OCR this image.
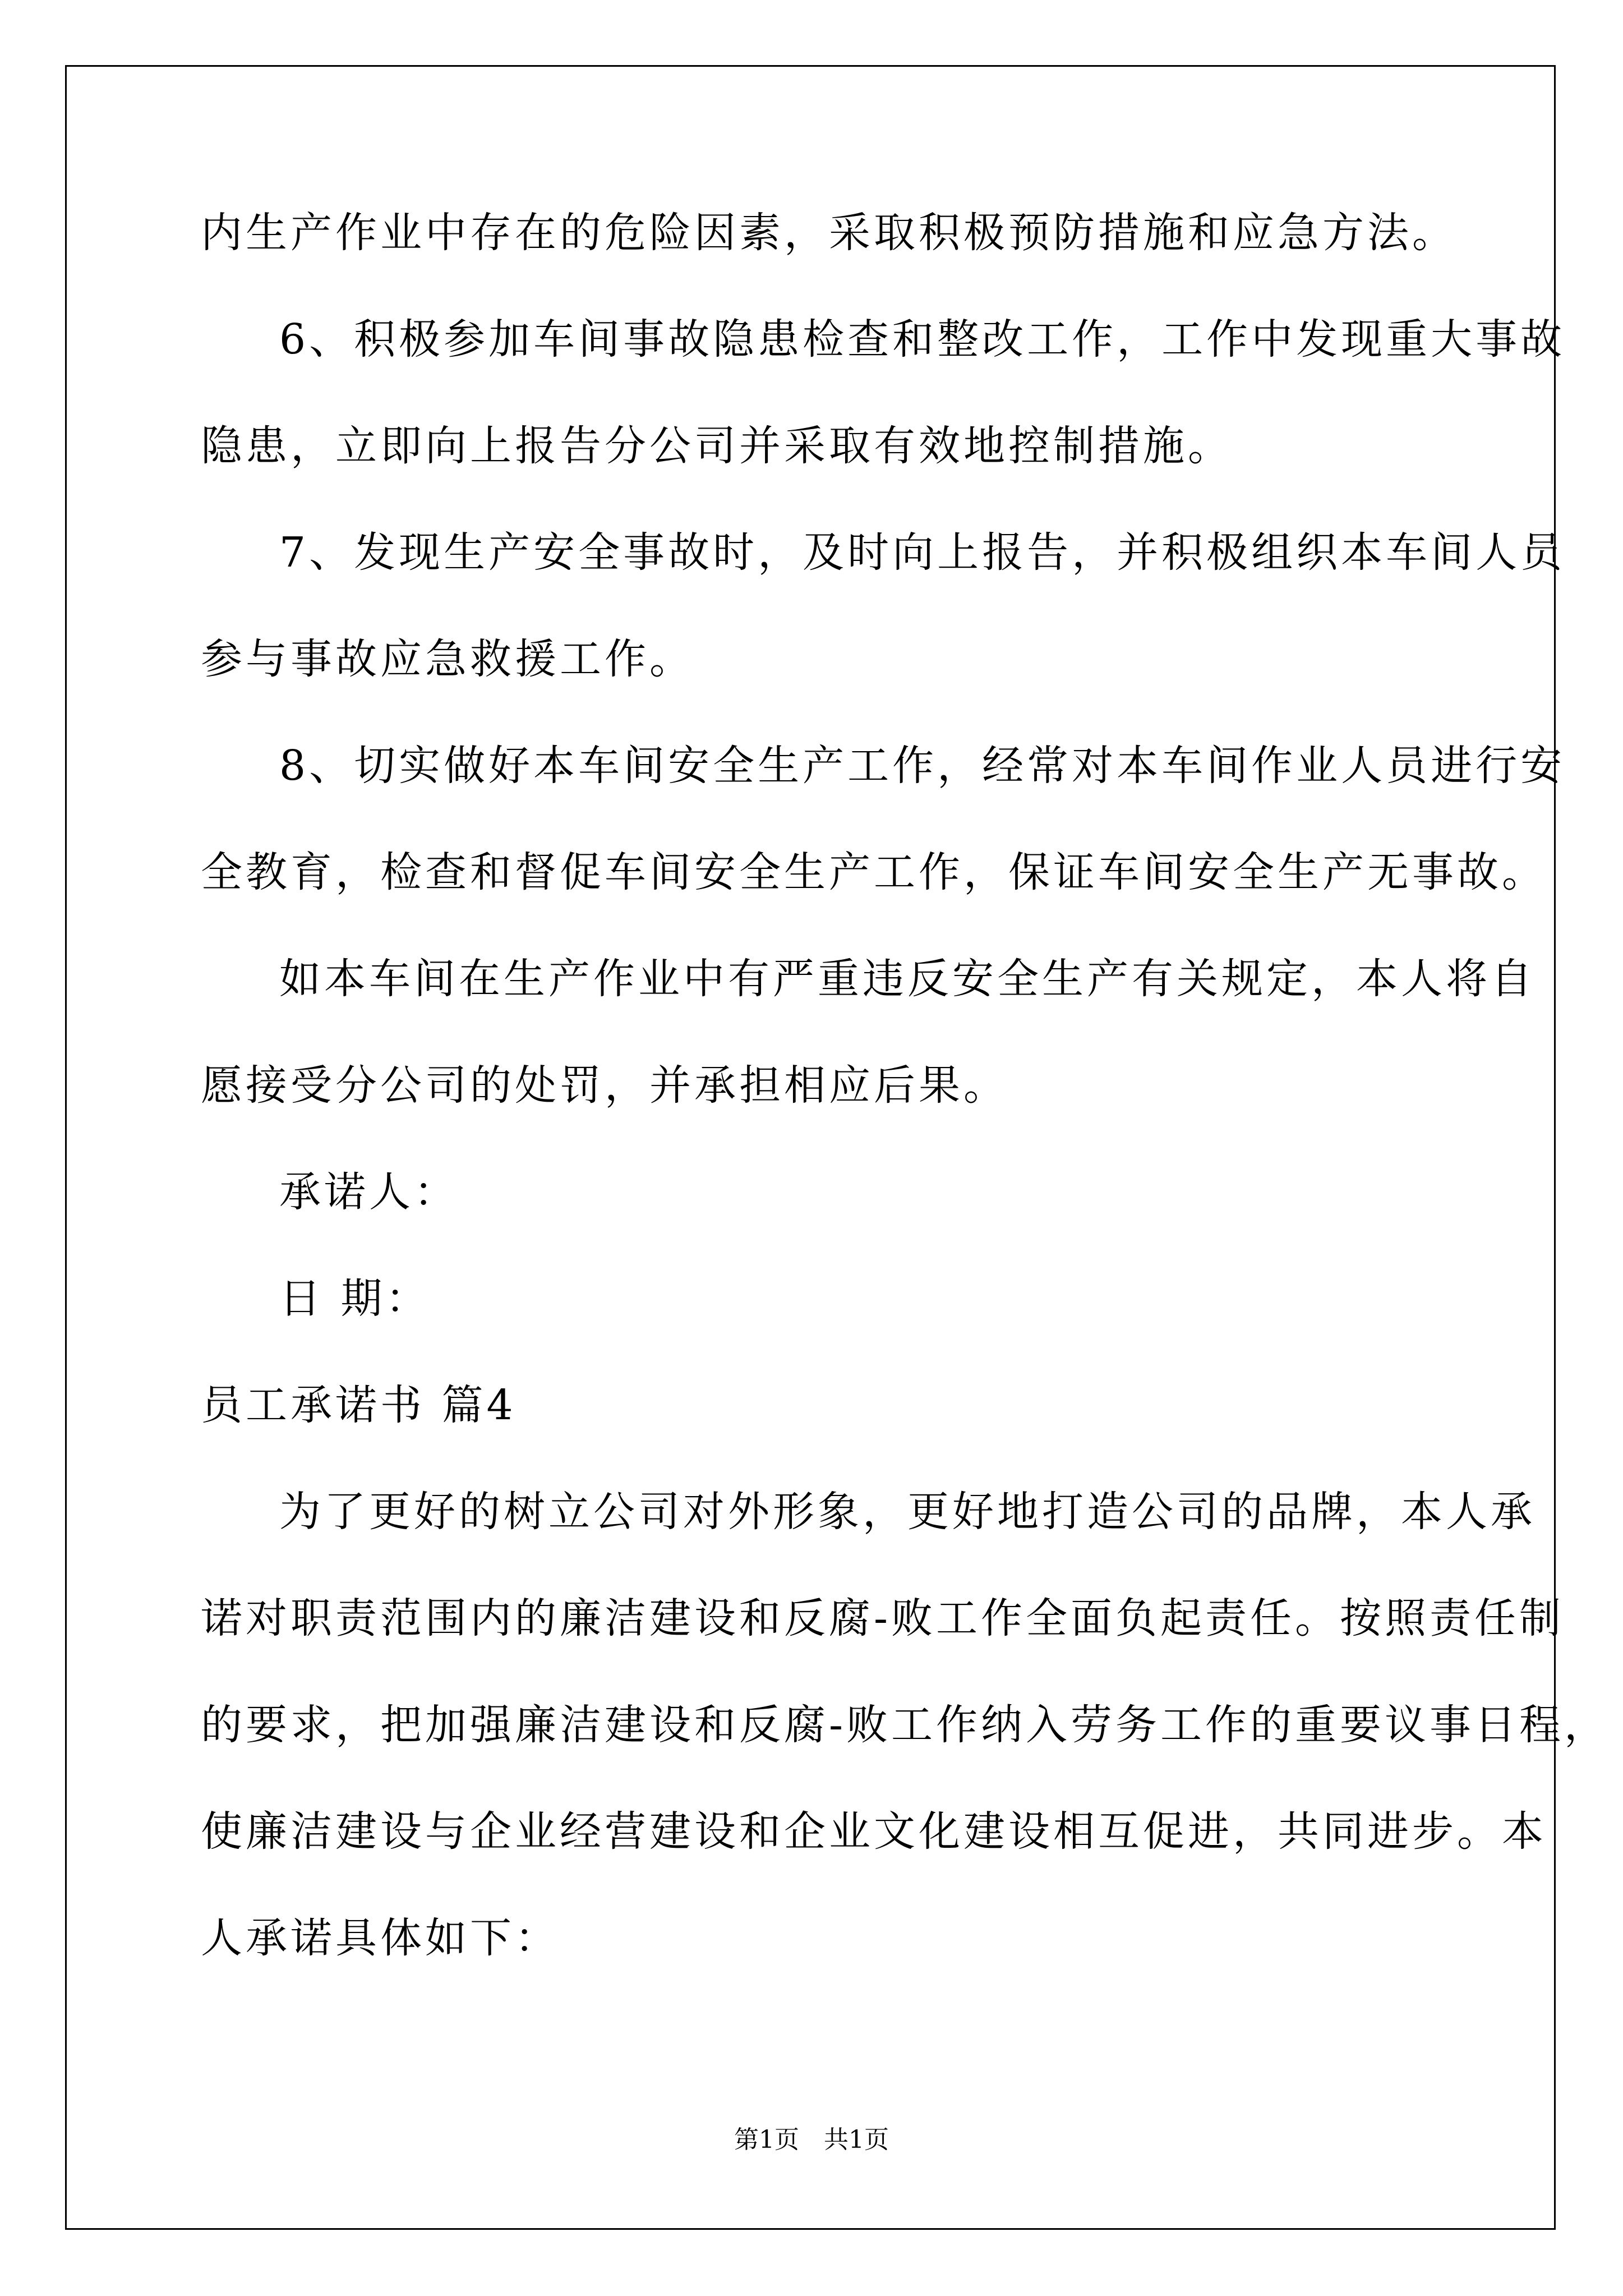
内生产作业中存在的危险因素，采取积极预防措施和应急方法。
6、积极参加车间事故隐患检查和整改工作，工作中发现重大事故
隐患，立即向上报告分公司并采取有效地控制措施。
7、发现生产安全事故时，及时向上报告，并积极组织本车间人员
参与事故应急救援工作。
8、切实做好本车间安全生产工作，经常对本车间作业人员进行安
全教育，检查和督促车间安全生产工作，保证车间安全生产无事故。
如本车间在生产作业中有严重违反安全生产有关规定，本人将自
愿接受分公司的处罚，并承担相应后果。
承诺人：
日 期：
员工承诺书 篇4
为了更好的树立公司对外形象，更好地打造公司的品牌，本人承
诺对职责范围内的廉洁建设和反腐-败工作全面负起责任。按照责任制
的要求，把加强廉洁建设和反腐-败工作纳入劳务工作的重要议事日程，
使廉洁建设与企业经营建设和企业文化建设相互促进，共同进步。本
人承诺具体如下：
第1页　共1页
